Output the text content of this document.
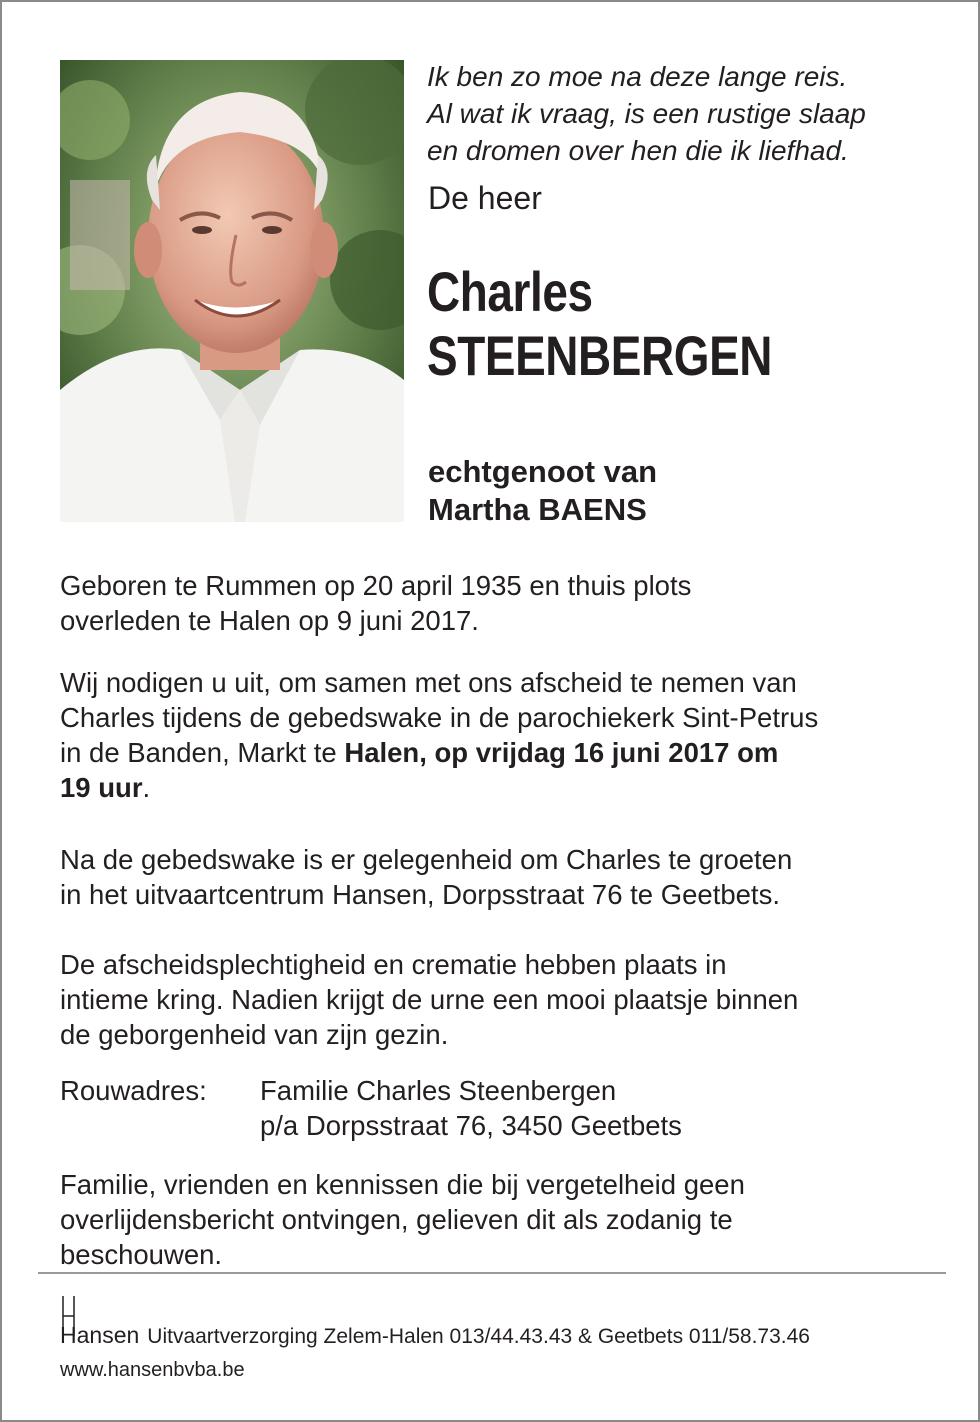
Ik ben zo moe na deze lange reis.
Al wat ik vraag, is een rustige slaap
en dromen over hen die ik liefhad.
De heer
Charles
STEENBERGEN
echtgenoot van
Martha BAENS

Geboren te Rummen op 20 april 1935 en thuis plots

overleden te Halen op 9 juni 2017.

Wij nodigen u uit, om samen met ons afscheid te nemen van

Charles tijdens de gebedswake in de parochiekerk Sint-Petrus

in de Banden, Markt te Halen, op vrijdag 16 juni 2017 om

19 uur.

Na de gebedswake is er gelegenheid om Charles te groeten

in het uitvaartcentrum Hansen, Dorpsstraat 76 te Geetbets.

De afscheidsplechtigheid en crematie hebben plaats in

intieme kring. Nadien krijgt de urne een mooi plaatsje binnen

de geborgenheid van zijn gezin.

Rouwadres: Familie Charles Steenbergen
p/a Dorpsstraat 76, 3450 Geetbets

Familie, vrienden en kennissen die bij vergetelheid geen

overlijdensbericht ontvingen, gelieven dit als zodanig te

beschouwen.

Hansen Uitvaartverzorging Zelem-Halen 013/44.43.43 & Geetbets 011/58.73.46
www.hansenbvba.be
